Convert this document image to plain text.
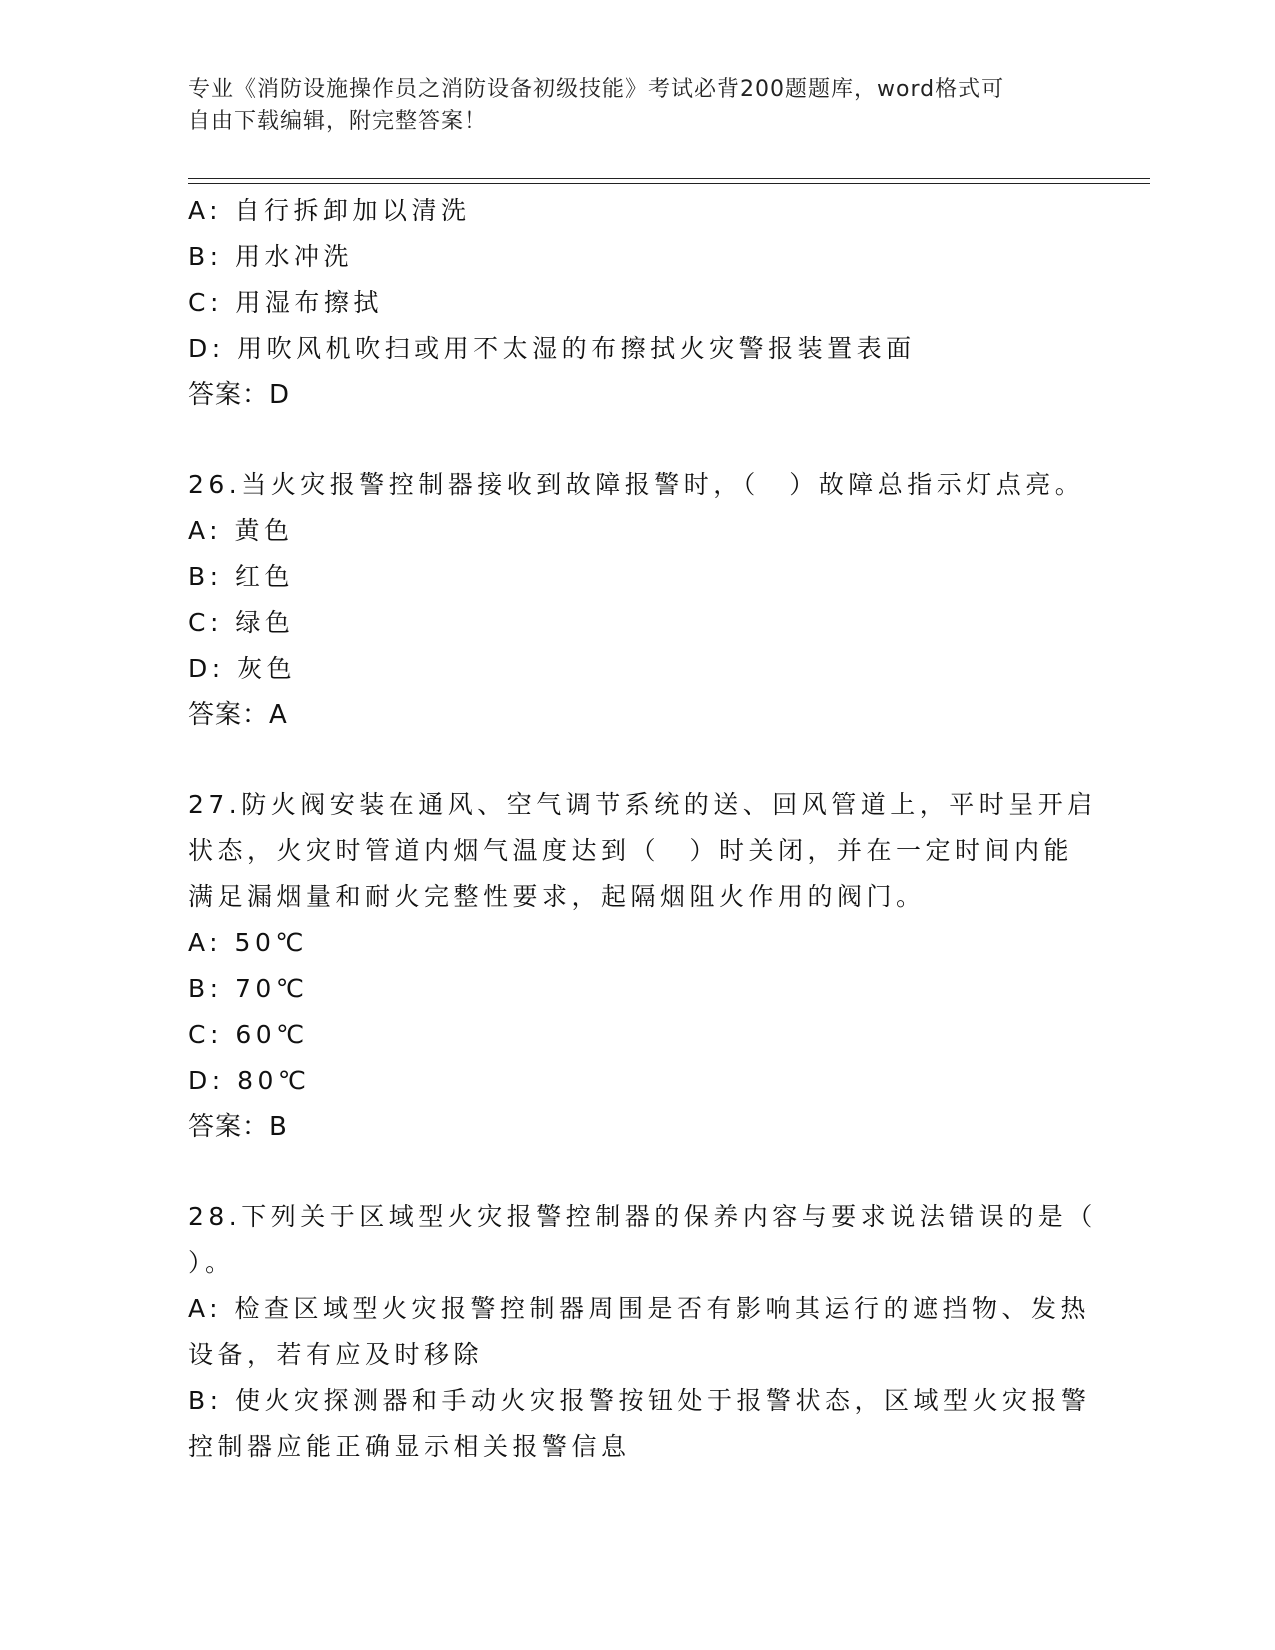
专业《消防设施操作员之消防设备初级技能》考试必背200题题库，word格式可
自由下载编辑，附完整答案！
A: 自行拆卸加以清洗
B: 用水冲洗
C: 用湿布擦拭
D: 用吹风机吹扫或用不太湿的布擦拭火灾警报装置表面
答案：D
26.当火灾报警控制器接收到故障报警时，（　）故障总指示灯点亮。
A: 黄色
B: 红色
C: 绿色
D: 灰色
答案：A
27.防火阀安装在通风、空气调节系统的送、回风管道上，平时呈开启
状态，火灾时管道内烟气温度达到（　）时关闭，并在一定时间内能
满足漏烟量和耐火完整性要求，起隔烟阻火作用的阀门。
A: 50℃
B: 70℃
C: 60℃
D: 80℃
答案：B
28.下列关于区域型火灾报警控制器的保养内容与要求说法错误的是（
）。
A: 检查区域型火灾报警控制器周围是否有影响其运行的遮挡物、发热
设备，若有应及时移除
B: 使火灾探测器和手动火灾报警按钮处于报警状态，区域型火灾报警
控制器应能正确显示相关报警信息
